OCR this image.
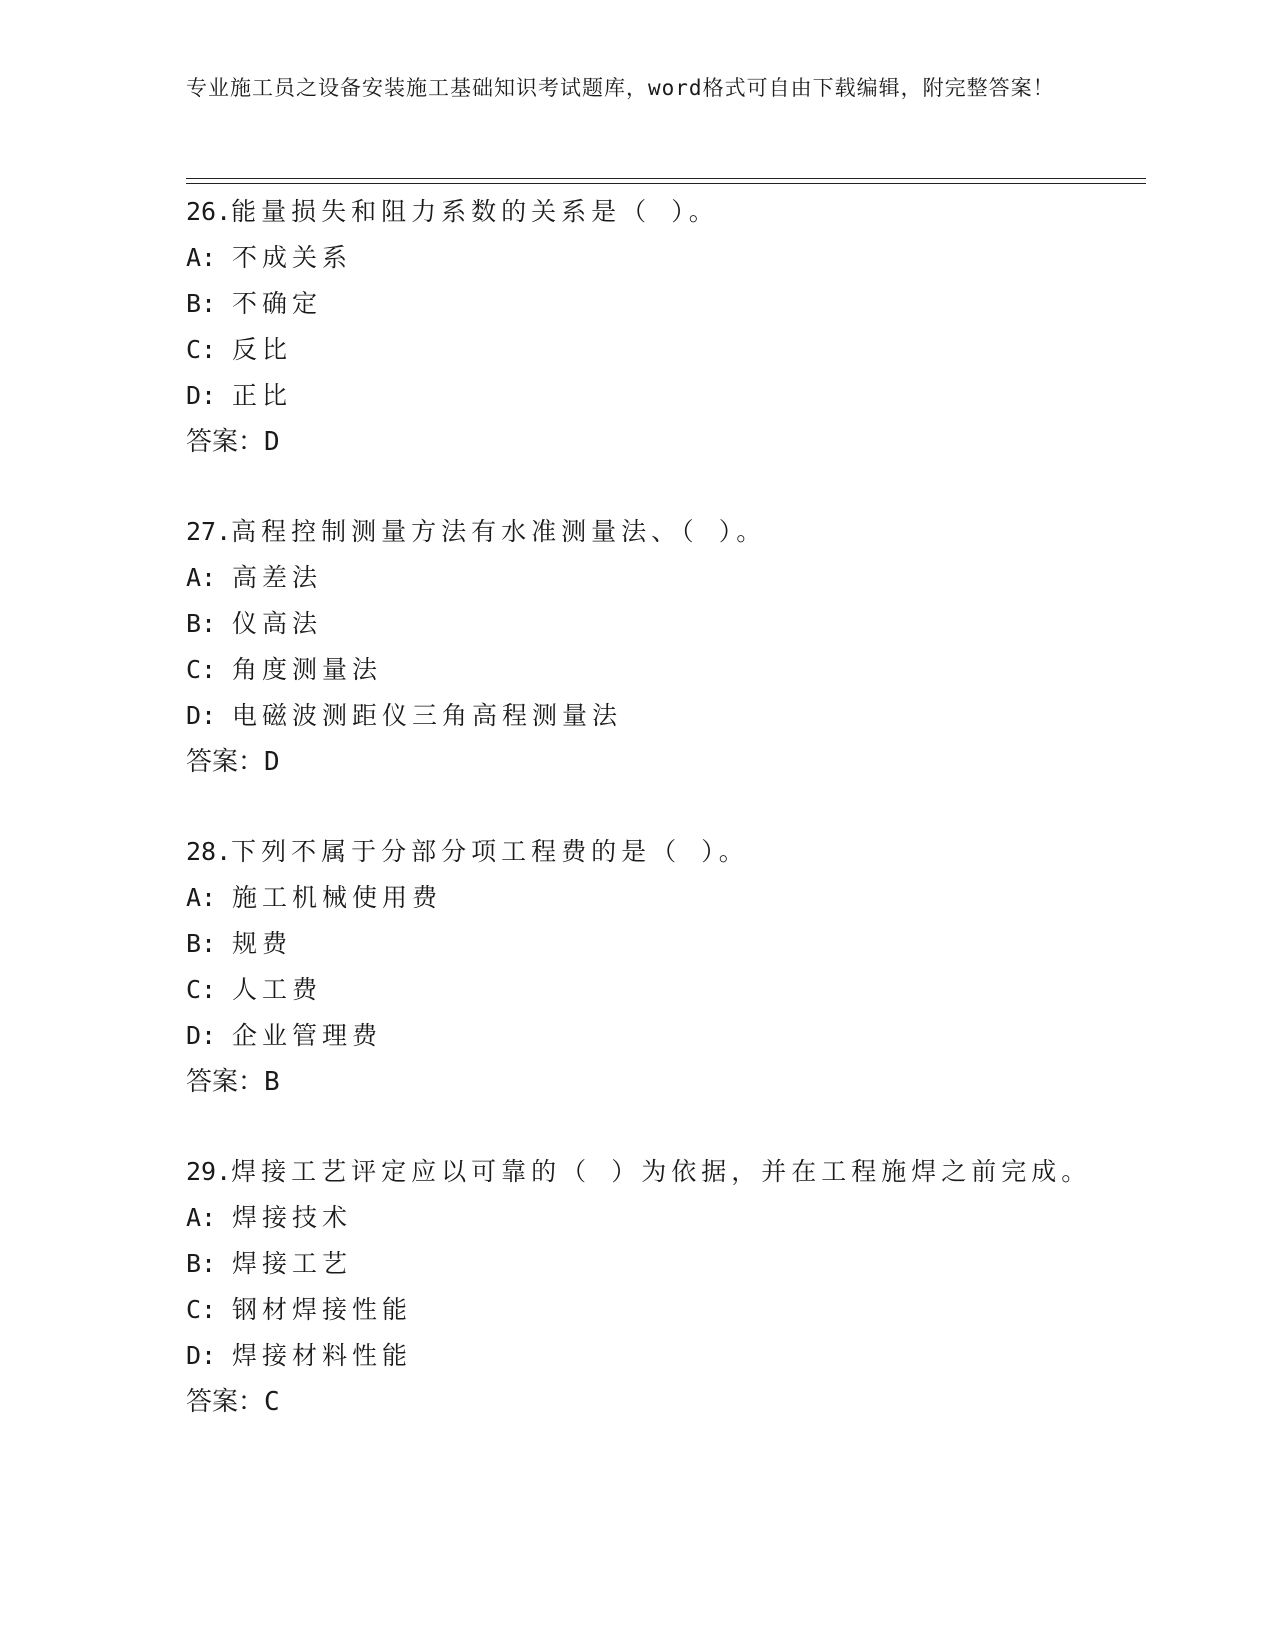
专业施工员之设备安装施工基础知识考试题库，word格式可自由下载编辑，附完整答案！
26.能量损失和阻力系数的关系是（ ）。
A: 不成关系
B: 不确定
C: 反比
D: 正比
答案：D
27.高程控制测量方法有水准测量法、（ ）。
A: 高差法
B: 仪高法
C: 角度测量法
D: 电磁波测距仪三角高程测量法
答案：D
28.下列不属于分部分项工程费的是（ ）。
A: 施工机械使用费
B: 规费
C: 人工费
D: 企业管理费
答案：B
29.焊接工艺评定应以可靠的（ ）为依据，并在工程施焊之前完成。
A: 焊接技术
B: 焊接工艺
C: 钢材焊接性能
D: 焊接材料性能
答案：C
